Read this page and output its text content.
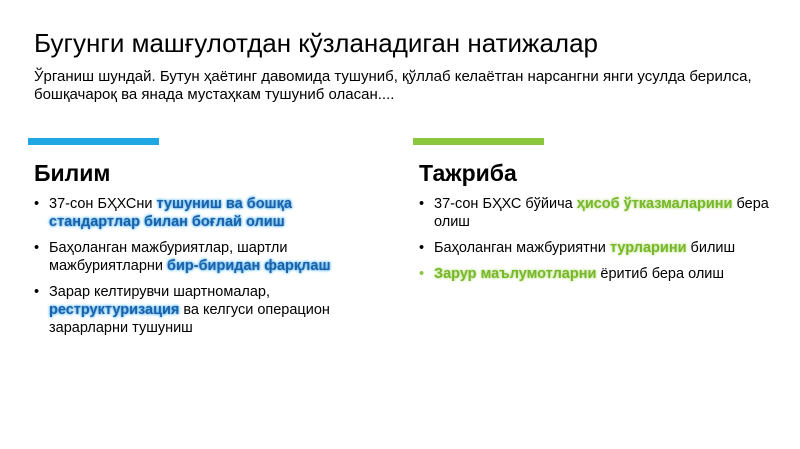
Бугунги машғулотдан кўзланадиган натижалар
Ўрганиш шундай. Бутун ҳаётинг давомида тушуниб, қўллаб келаётган нарсангни янги усулда берилса, бошқачароқ ва янада мустаҳкам тушуниб оласан....
Билим
• 37-сон БҲХСни тушуниш ва бошқа стандартлар билан боғлай олиш
• Баҳоланган мажбуриятлар, шартли мажбуриятларни бир-биридан фарқлаш
• Зарар келтирувчи шартномалар, реструктуризация ва келгуси операцион зарарларни тушуниш
Тажриба
• 37-сон БҲХС бўйича ҳисоб ўтказмаларини бера олиш
• Баҳоланган мажбуриятни турларини билиш
• Зарур маълумотларни ёритиб бера олиш
